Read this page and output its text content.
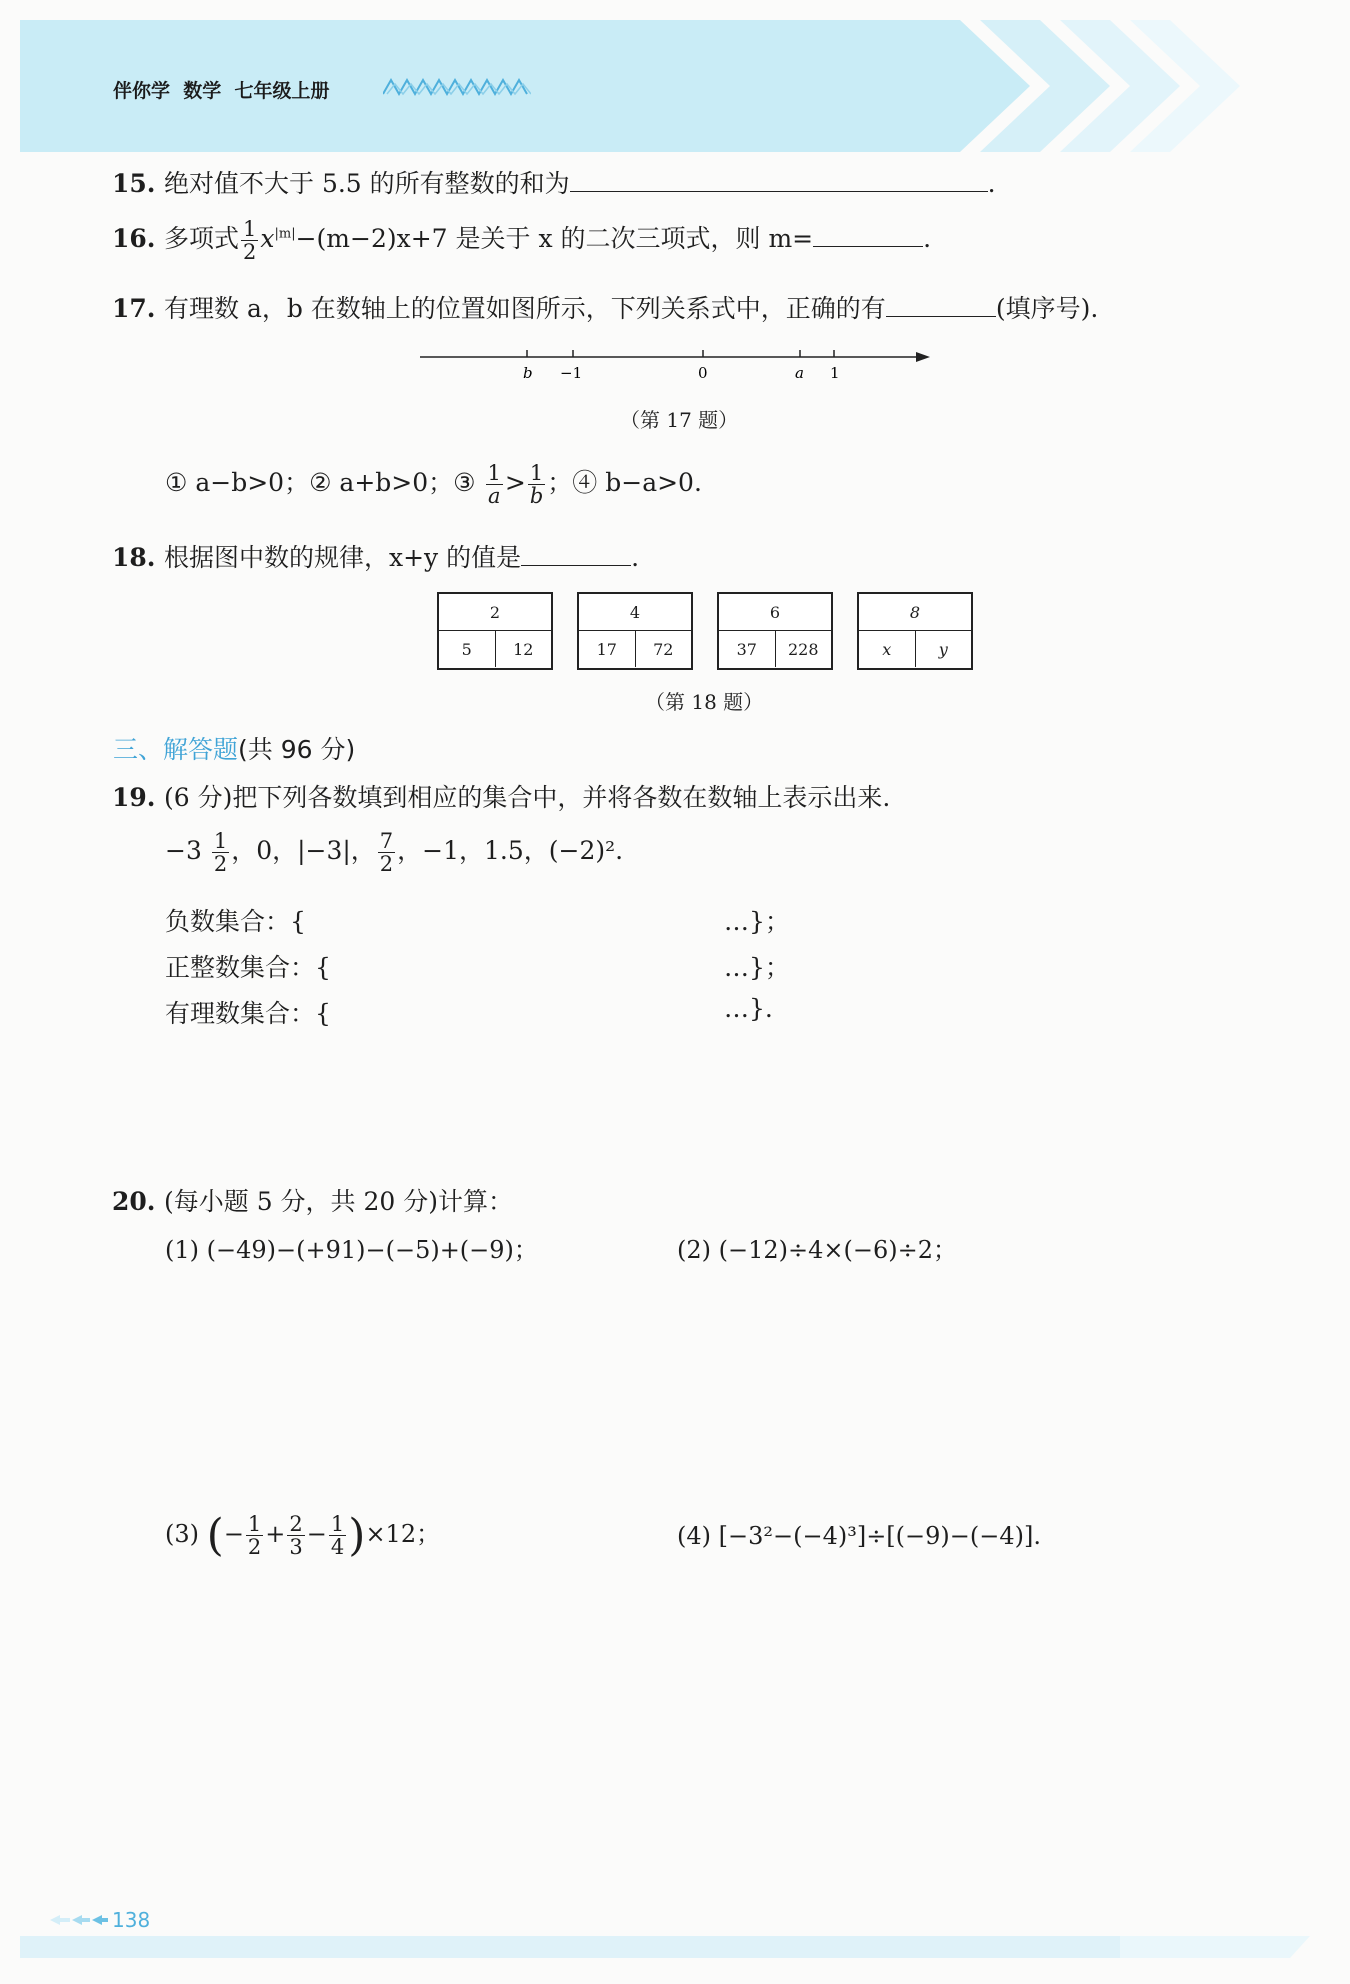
伴你学 数学 七年级上册
15. 绝对值不大于 5.5 的所有整数的和为	.
16. 多项式 $\frac{1}{2} x^{|m|}-(m-2)x+7$ 是关于 x 的二次三项式，则 m=	.
17. 有理数 a，b 在数轴上的位置如图所示，下列关系式中，正确的有	(填序号).
b −1	0	a 1
（第 17 题）
① a−b>0；② a+b>0；③ $\frac{1}{a} > \frac{1}{b}$ ；④ b−a>0.
18. 根据图中数的规律，x+y 的值是	.
2
5	12
4
17	72
6
37	228
8
x	y
（第 18 题）
三、解答题(共 96 分)
19. (6 分)把下列各数填到相应的集合中，并将各数在数轴上表示出来.
$-3 \frac{1}{2}$ ，0，|−3|， $\frac{7}{2}$ ，−1，1.5，(−2)².
负数集合：{	…}；
正整数集合：{	…}；
有理数集合：{	…}.
20. (每小题 5 分，共 20 分)计算：
(1) (−49)−(+91)−(−5)+(−9)；	(2) (−12)÷4×(−6)÷2；
(3) (− $\frac{1}{2} + \frac{2}{3} - \frac{1}{4} )\times 12$；	(4) [−3²−(−4)³]÷[(−9)−(−4)].
138
